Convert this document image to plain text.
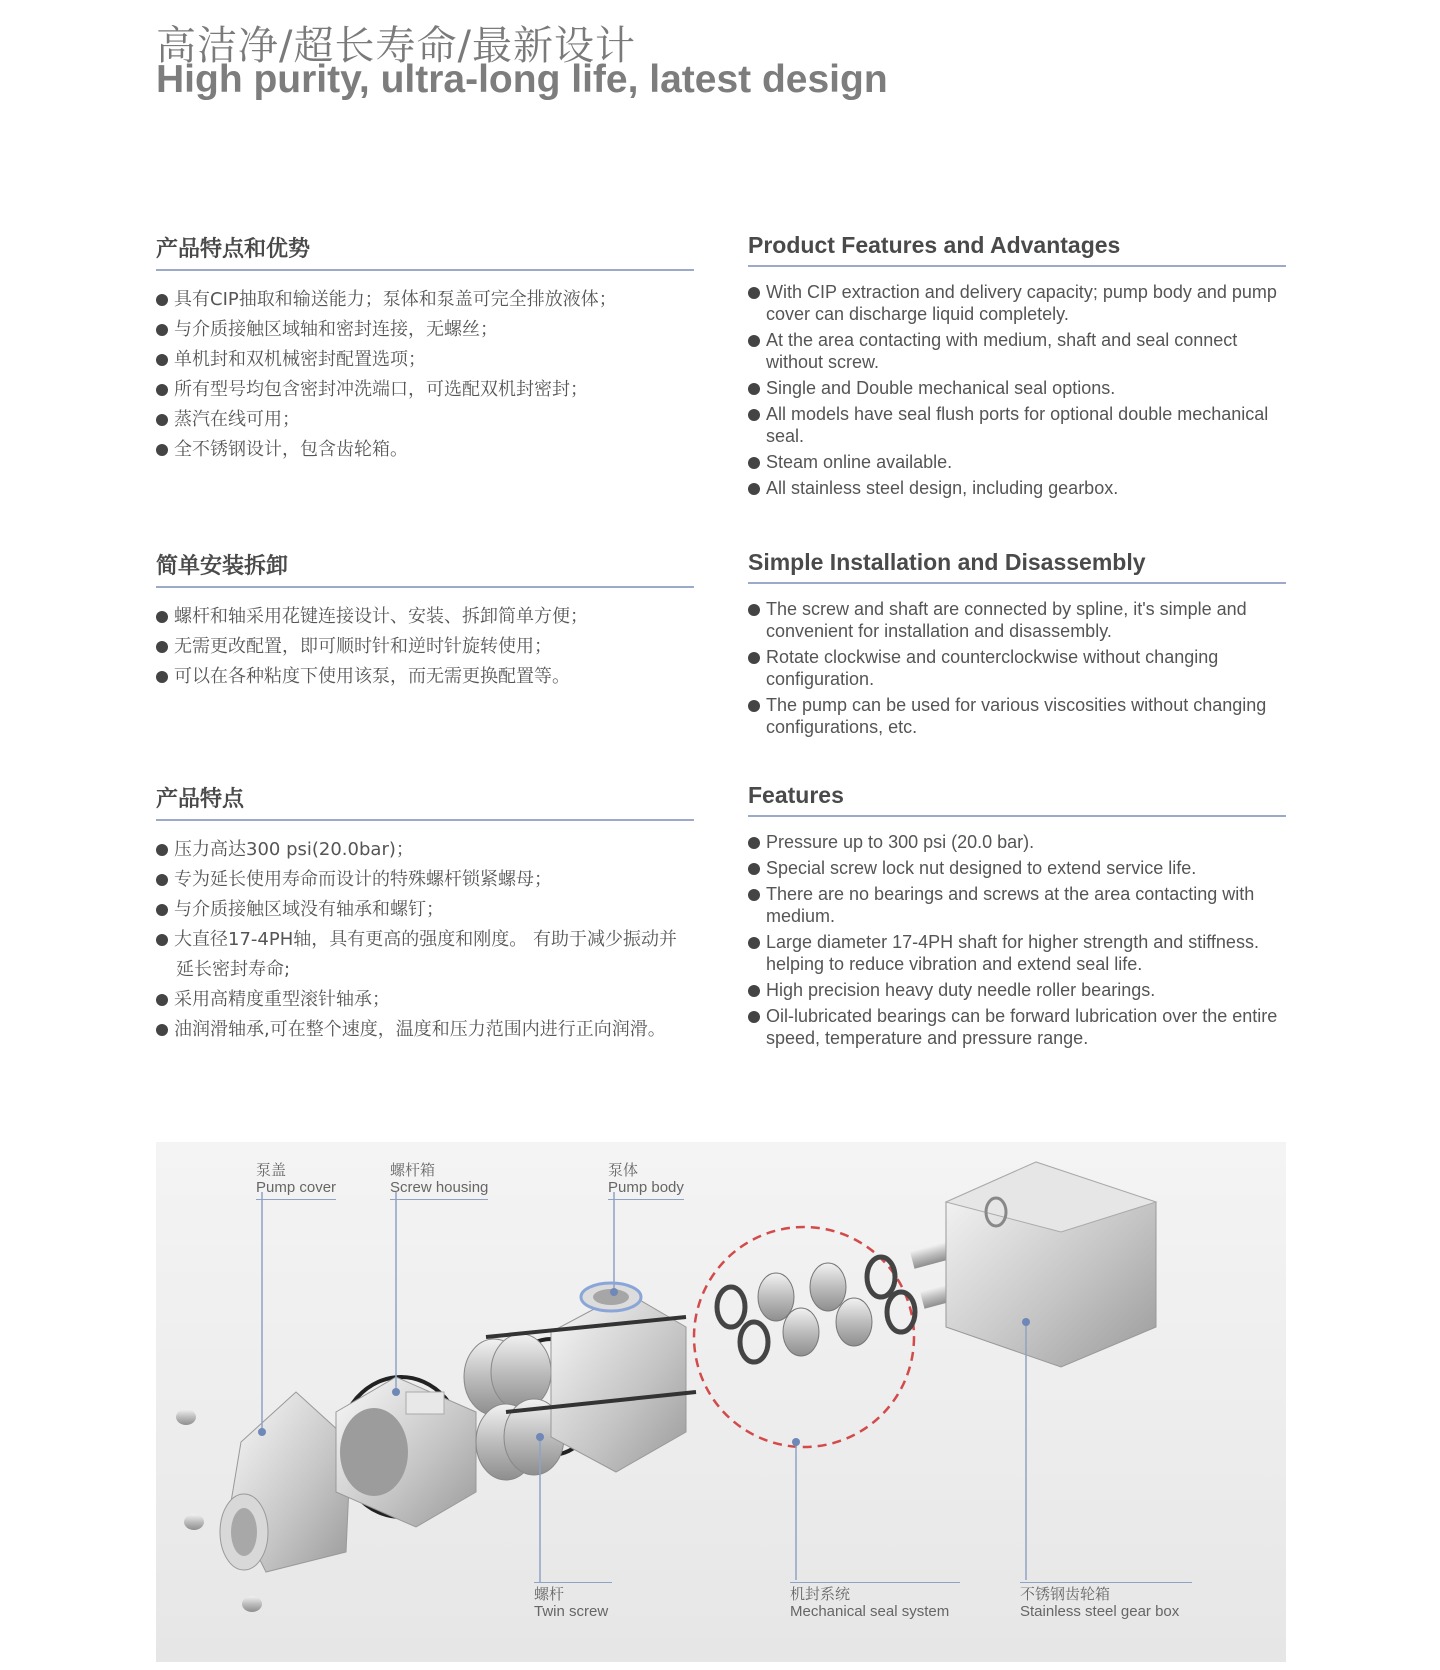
高洁净/超长寿命/最新设计
High purity, ultra-long life, latest design
产品特点和优势
具有CIP抽取和输送能力；泵体和泵盖可完全排放液体；
与介质接触区域轴和密封连接，无螺丝；
单机封和双机械密封配置选项；
所有型号均包含密封冲洗端口，可选配双机封密封；
蒸汽在线可用；
全不锈钢设计，包含齿轮箱。
Product Features and Advantages
With CIP extraction and delivery capacity; pump body and pump cover can discharge liquid completely.
At the area contacting with medium, shaft and seal connect without screw.
Single and Double mechanical seal options.
All models have seal flush ports for optional double mechanical seal.
Steam online available.
All stainless steel design, including gearbox.
简单安装拆卸
螺杆和轴采用花键连接设计、安装、拆卸简单方便；
无需更改配置，即可顺时针和逆时针旋转使用；
可以在各种粘度下使用该泵，而无需更换配置等。
Simple Installation and Disassembly
The screw and shaft are connected by spline, it's simple and convenient for installation and disassembly.
Rotate clockwise and counterclockwise without changing configuration.
The pump can be used for various viscosities without changing configurations, etc.
产品特点
压力高达300 psi(20.0bar)；
专为延长使用寿命而设计的特殊螺杆锁紧螺母；
与介质接触区域没有轴承和螺钉；
大直径17-4PH轴，具有更高的强度和刚度。 有助于减少振动并延长密封寿命;
采用高精度重型滚针轴承；
油润滑轴承,可在整个速度，温度和压力范围内进行正向润滑。
Features
Pressure up to 300 psi (20.0 bar).
Special screw lock nut designed to extend service life.
There are no bearings and screws at the area contacting with medium.
Large diameter 17-4PH shaft for higher strength and stiffness. helping to reduce vibration and extend seal life.
High precision heavy duty needle roller bearings.
Oil-lubricated bearings can be forward lubrication over the entire speed, temperature and pressure range.
泵盖
Pump cover
螺杆箱
Screw housing
泵体
Pump body
螺杆
Twin screw
机封系统
Mechanical seal system
不锈钢齿轮箱
Stainless steel gear box
